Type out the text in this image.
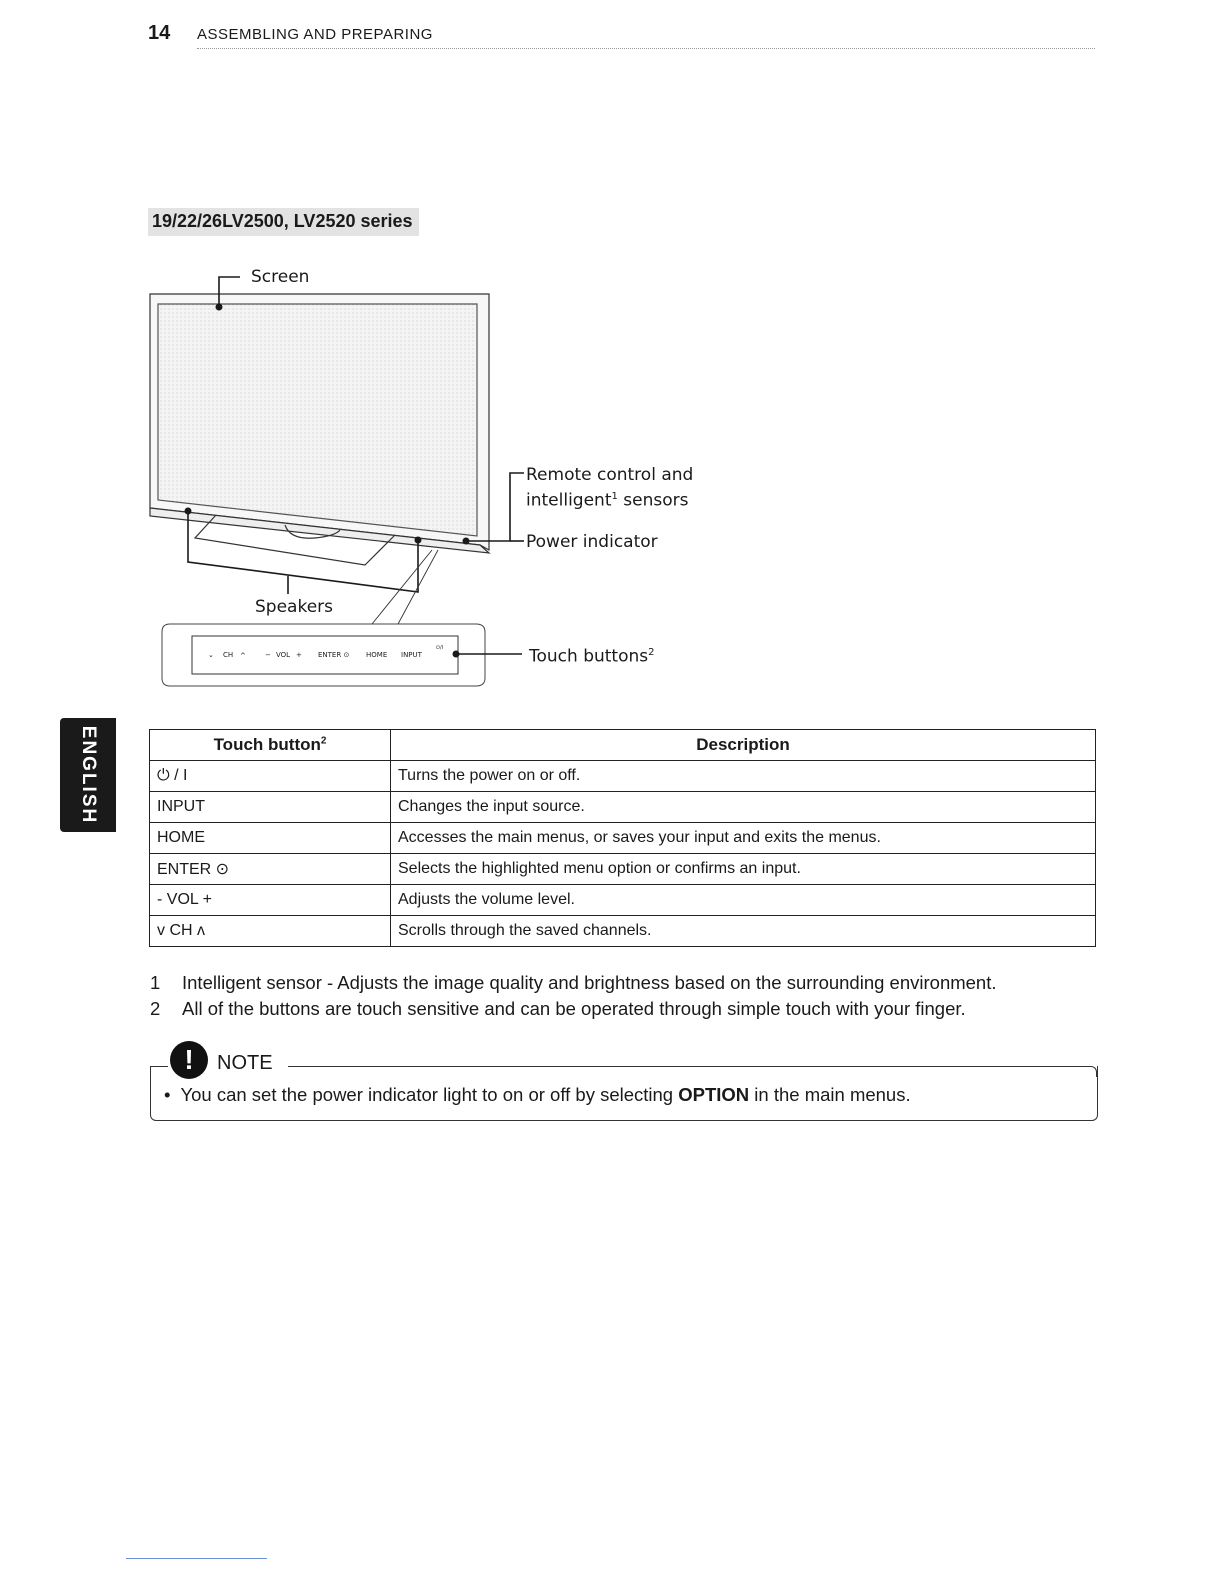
14 ASSEMBLING AND PREPARING
19/22/26LV2500, LV2520 series
ENGLISH
⌄ CH ^	− VOL + ENTER ⊙ HOME INPUT
⏻/I
Screen
Remote control and
intelligent$^1$ sensors
Power indicator
Speakers
Touch buttons$^2$
Touch button$^2$	Description
⏻ / I	Turns the power on or off.
INPUT	Changes the input source.
HOME	Accesses the main menus, or saves your input and exits the menus.
ENTER ⊙	Selects the highlighted menu option or confirms an input.
- VOL +	Adjusts the volume level.
v CH ʌ	Scrolls through the saved channels.
1 Intelligent sensor - Adjusts the image quality and brightness based on the surrounding environment.
2 All of the buttons are touch sensitive and can be operated through simple touch with your finger.
!	NOTE
• You can set the power indicator light to on or off by selecting OPTION in the main menus.
